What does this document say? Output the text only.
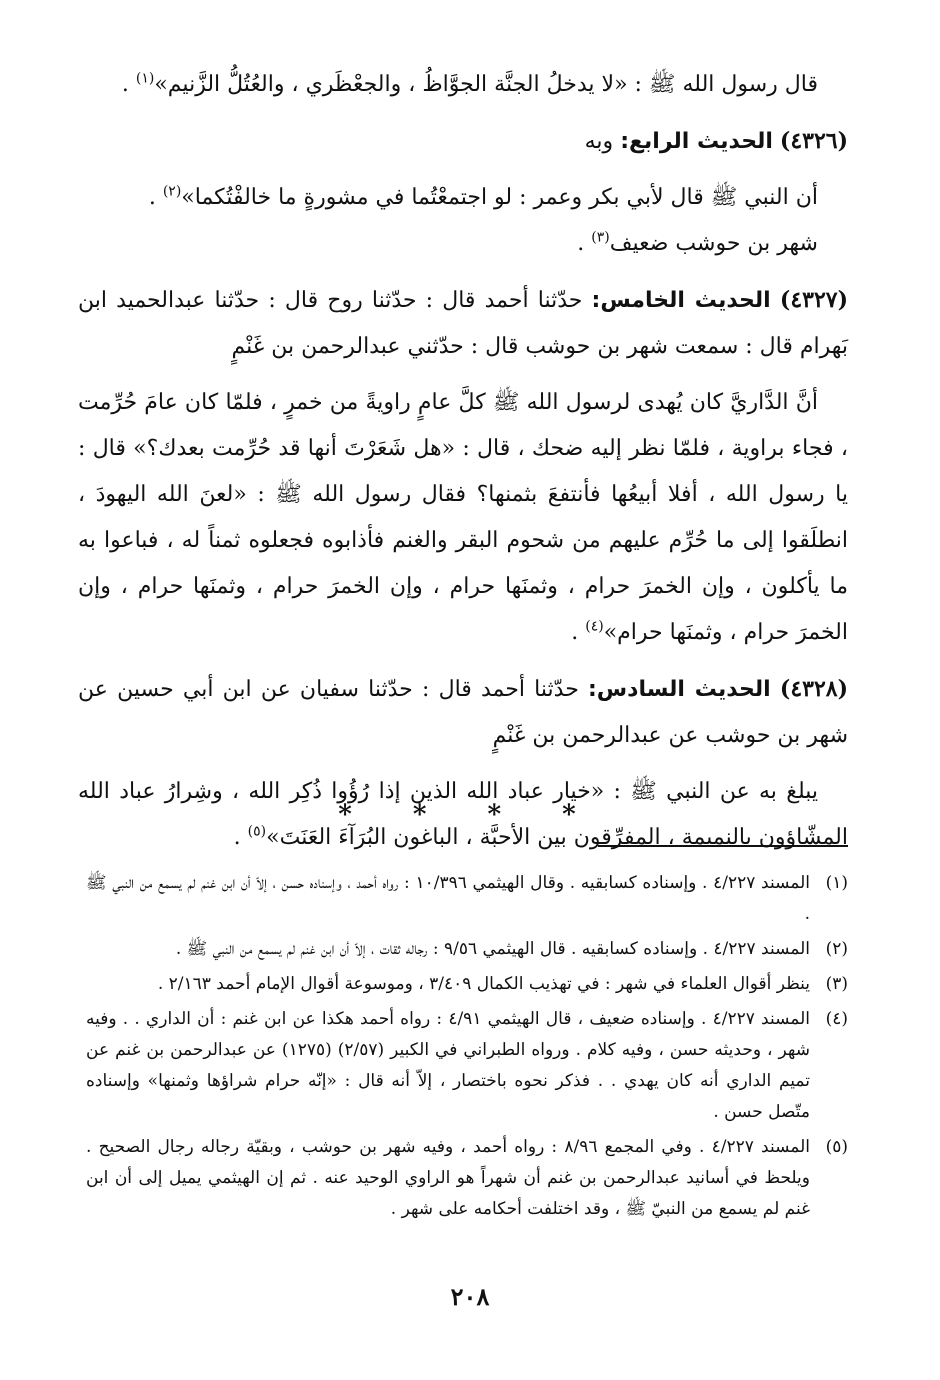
قال رسول الله ﷺ : «لا يدخلُ الجنَّة الجوَّاظُ ، والجعْظَري ، والعُتُلُّ الزَّنيم»$^{(١)}$ .

(٤٣٢٦) الحديث الرابع: وبه

أن النبي ﷺ قال لأبي بكر وعمر : لو اجتمعْتُما في مشورةٍ ما خالفْتُكما»$^{(٢)}$ .

شهر بن حوشب ضعيف$^{(٣)}$ .

(٤٣٢٧) الحديث الخامس: حدّثنا أحمد قال : حدّثنا روح قال : حدّثنا عبدالحميد ابن بَهرام قال : سمعت شهر بن حوشب قال : حدّثني عبدالرحمن بن غَنْمٍ

أنَّ الدَّاريَّ كان يُهدى لرسول الله ﷺ كلَّ عامٍ راويةً من خمرٍ ، فلمّا كان عامَ حُرِّمت ، فجاء براوية ، فلمّا نظر إليه ضحك ، قال : «هل شَعَرْتَ أنها قد حُرِّمت بعدك؟» قال : يا رسول الله ، أفلا أبيعُها فأنتفعَ بثمنها؟ فقال رسول الله ﷺ : «لعنَ الله اليهودَ ، انطلَقوا إلى ما حُرِّم عليهم من شحوم البقر والغنم فأذابوه فجعلوه ثمناً له ، فباعوا به ما يأكلون ، وإن الخمرَ حرام ، وثمنَها حرام ، وإن الخمرَ حرام ، وثمنَها حرام ، وإن الخمرَ حرام ، وثمنَها حرام»$^{(٤)}$ .

(٤٣٢٨) الحديث السادس: حدّثنا أحمد قال : حدّثنا سفيان عن ابن أبي حسين عن شهر بن حوشب عن عبدالرحمن بن غَنْمٍ

يبلغ به عن النبي ﷺ : «خيار عباد الله الذين إذا رُؤُوا ذُكِر الله ، وشِرارُ عباد الله المشّاؤون بالنميمة ، المفرِّقون بين الأحبَّة ، الباغون البُرَآءَ العَنَتَ»$^{(٥)}$ .

* * * *
(١)
المسند ٤/٢٢٧ . وإسناده كسابقيه . وقال الهيثمي ١٠/٣٩٦ : رواه أحمد ، وإسناده حسن ، إلاّ أن ابن غنم لم يسمع من النبي ﷺ .
(٢)
المسند ٤/٢٢٧ . وإسناده كسابقيه . قال الهيثمي ٩/٥٦ : رجاله ثقات ، إلاّ أن ابن غنم لم يسمع من النبي ﷺ .
(٣)
ينظر أقوال العلماء في شهر : في تهذيب الكمال ٣/٤٠٩ ، وموسوعة أقوال الإمام أحمد ٢/١٦٣ .
(٤)
المسند ٤/٢٢٧ . وإسناده ضعيف ، قال الهيثمي ٤/٩١ : رواه أحمد هكذا عن ابن غنم : أن الداري . . وفيه شهر ، وحديثه حسن ، وفيه كلام . ورواه الطبراني في الكبير (٢/٥٧) (١٢٧٥) عن عبدالرحمن بن غنم عن تميم الداري أنه كان يهدي . . فذكر نحوه باختصار ، إلاّ أنه قال : «إنّه حرام شراؤها وثمنها» وإسناده متّصل حسن .
(٥)
المسند ٤/٢٢٧ . وفي المجمع ٨/٩٦ : رواه أحمد ، وفيه شهر بن حوشب ، وبقيّة رجاله رجال الصحيح . ويلحظ في أسانيد عبدالرحمن بن غنم أن شهراً هو الراوي الوحيد عنه . ثم إن الهيثمي يميل إلى أن ابن غنم لم يسمع من النبيّ ﷺ ، وقد اختلفت أحكامه على شهر .
٢٠٨
